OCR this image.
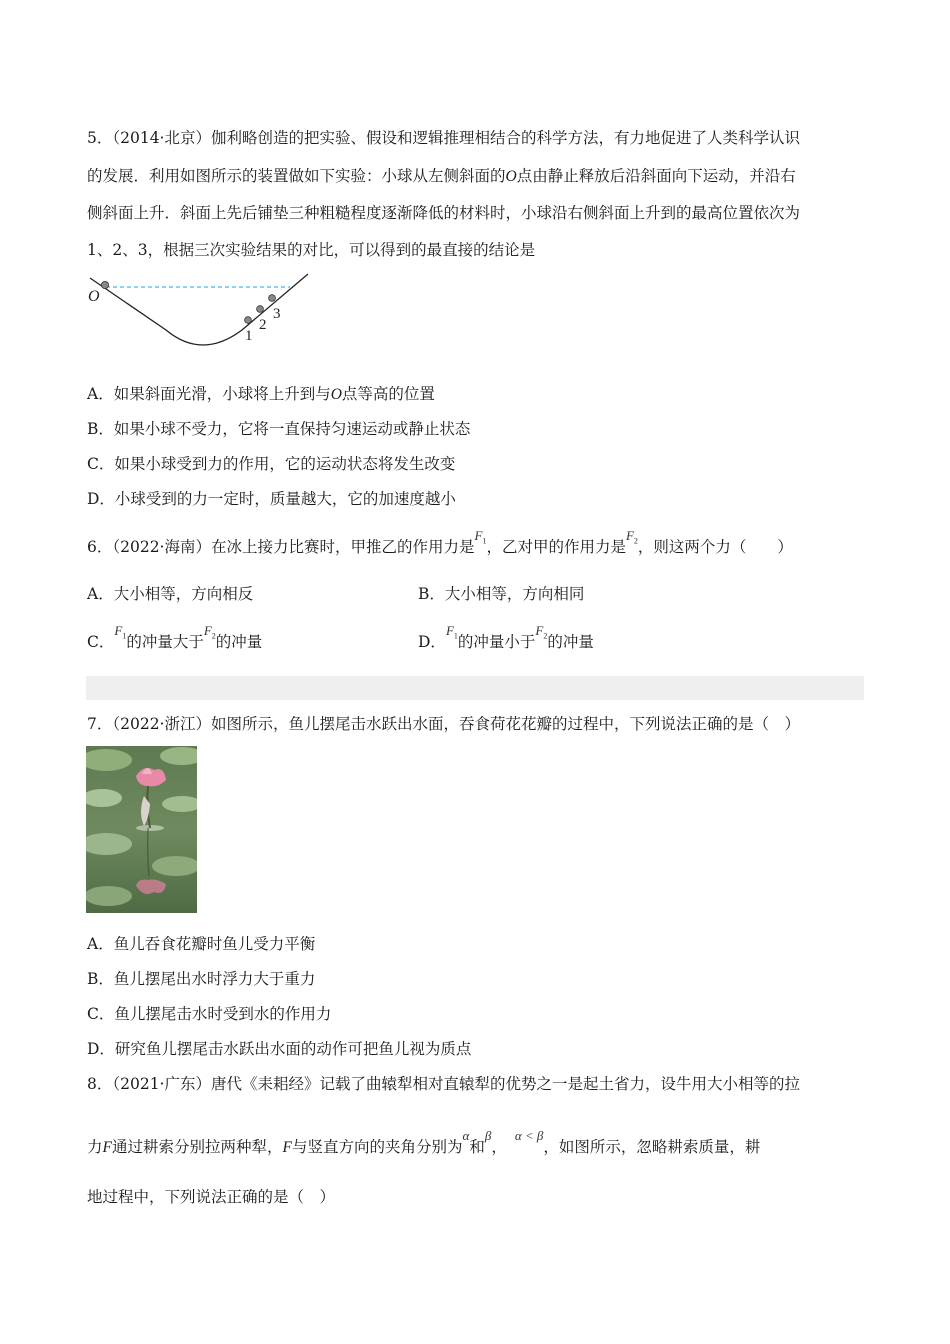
5．（2014·北京）伽利略创造的把实验、假设和逻辑推理相结合的科学方法，有力地促进了人类科学认识
的发展．利用如图所示的装置做如下实验：小球从左侧斜面的O点由静止释放后沿斜面向下运动，并沿右
侧斜面上升．斜面上先后铺垫三种粗糙程度逐渐降低的材料时，小球沿右侧斜面上升到的最高位置依次为
1、2、3，根据三次实验结果的对比，可以得到的最直接的结论是
O
1
2
3
A．如果斜面光滑，小球将上升到与O点等高的位置
B．如果小球不受力，它将一直保持匀速运动或静止状态
C．如果小球受到力的作用，它的运动状态将发生改变
D．小球受到的力一定时，质量越大，它的加速度越小
6．（2022·海南）在冰上接力比赛时，甲推乙的作用力是$^{F_1}$，乙对甲的作用力是$^{F_2}$，则这两个力（　　）
A．大小相等，方向相反	B．大小相等，方向相同
C．$^{F_1}$的冲量大于$^{F_2}$的冲量	D．$^{F_1}$的冲量小于$^{F_2}$的冲量
7．（2022·浙江）如图所示，鱼儿摆尾击水跃出水面，吞食荷花花瓣的过程中，下列说法正确的是（　）
A．鱼儿吞食花瓣时鱼儿受力平衡
B．鱼儿摆尾出水时浮力大于重力
C．鱼儿摆尾击水时受到水的作用力
D．研究鱼儿摆尾击水跃出水面的动作可把鱼儿视为质点
8．（2021·广东）唐代《耒耜经》记载了曲辕犁相对直辕犁的优势之一是起土省力，设牛用大小相等的拉
力F通过耕索分别拉两种犁，F与竖直方向的夹角分别为$^\alpha$和$^\beta$，$^{\alpha < \beta}$，如图所示，忽略耕索质量，耕
地过程中，下列说法正确的是（　）
